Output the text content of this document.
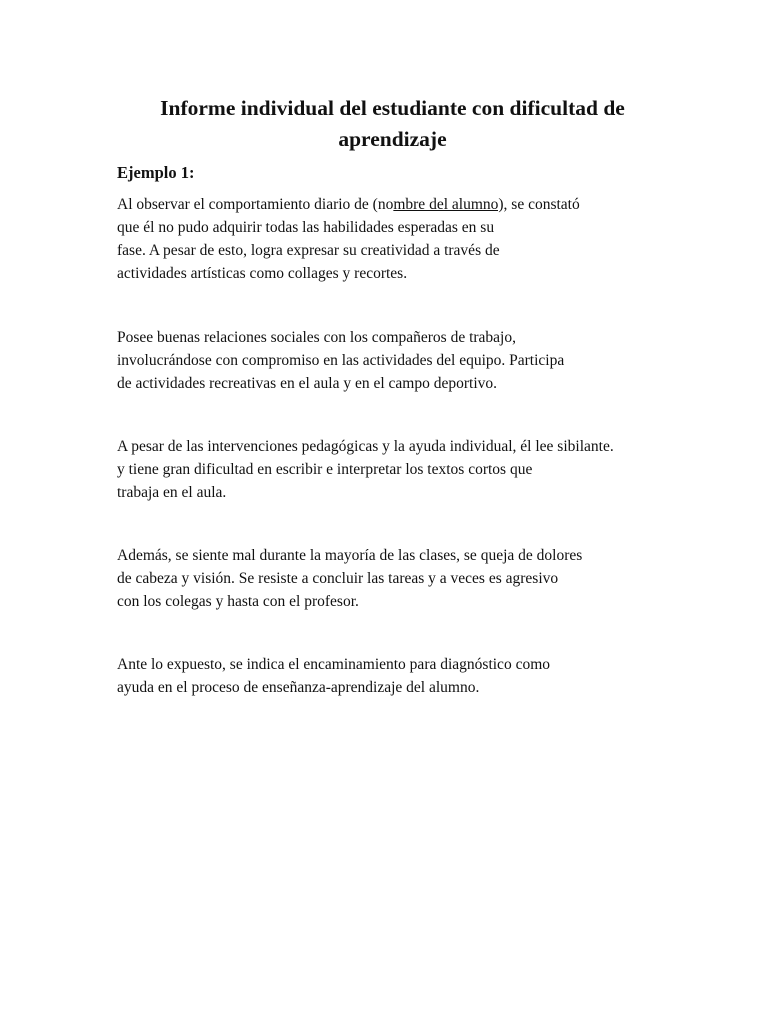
Informe individual del estudiante con dificultad de
aprendizaje
Ejemplo 1:
Al observar el comportamiento diario de (nombre del alumno), se constató
que él no pudo adquirir todas las habilidades esperadas en su
fase. A pesar de esto, logra expresar su creatividad a través de
actividades artísticas como collages y recortes.
Posee buenas relaciones sociales con los compañeros de trabajo,
involucrándose con compromiso en las actividades del equipo. Participa
de actividades recreativas en el aula y en el campo deportivo.
A pesar de las intervenciones pedagógicas y la ayuda individual, él lee sibilante.
y tiene gran dificultad en escribir e interpretar los textos cortos que
trabaja en el aula.
Además, se siente mal durante la mayoría de las clases, se queja de dolores
de cabeza y visión. Se resiste a concluir las tareas y a veces es agresivo
con los colegas y hasta con el profesor.
Ante lo expuesto, se indica el encaminamiento para diagnóstico como
ayuda en el proceso de enseñanza-aprendizaje del alumno.
